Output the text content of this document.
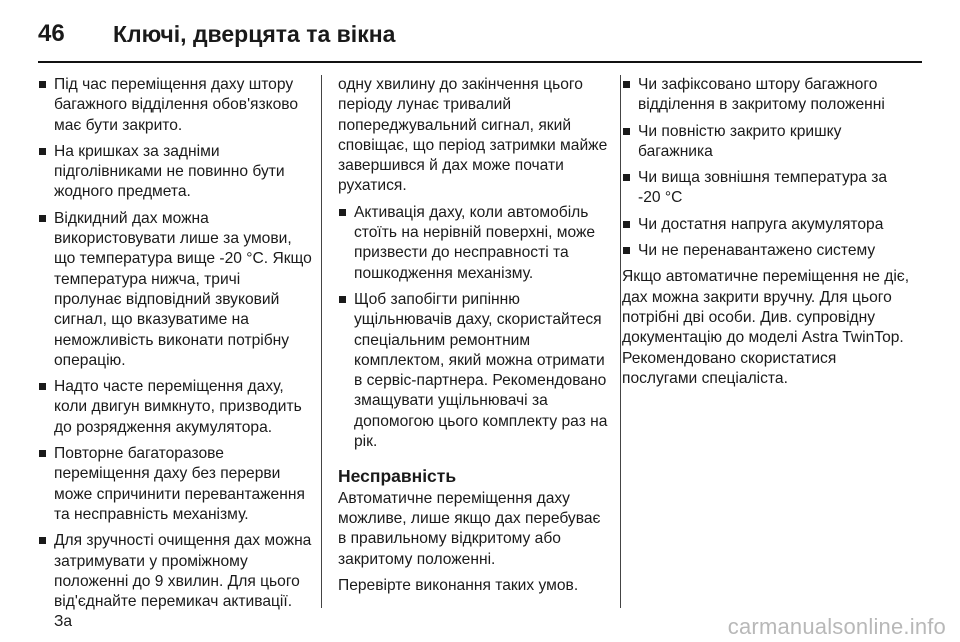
46	Ключі, дверцята та вікна
Під час переміщення даху штору багажного відділення обов'язково має бути закрито.
На кришках за задніми підголівниками не повинно бути жодного предмета.
Відкидний дах можна використовувати лише за умови, що температура вище -20 °C. Якщо температура нижча, тричі пролунає відповідний звуковий сигнал, що вказуватиме на неможливість виконати потрібну операцію.
Надто часте переміщення даху, коли двигун вимкнуто, призводить до розрядження акумулятора.
Повторне багаторазове переміщення даху без перерви може спричинити перевантаження та несправність механізму.
Для зручності очищення дах можна затримувати у проміжному положенні до 9 хвилин. Для цього від'єднайте перемикач активації. За
одну хвилину до закінчення цього періоду лунає тривалий попереджувальний сигнал, який сповіщає, що період затримки майже завершився й дах може почати рухатися.
Активація даху, коли автомобіль стоїть на нерівній поверхні, може призвести до несправності та пошкодження механізму.
Щоб запобігти рипінню ущільнювачів даху, скористайтеся спеціальним ремонтним комплектом, який можна отримати в сервіс-партнера. Рекомендовано змащувати ущільнювачі за допомогою цього комплекту раз на рік.
Несправність
Автоматичне переміщення даху можливе, лише якщо дах перебуває в правильному відкритому або закритому положенні.
Перевірте виконання таких умов.
Чи зафіксовано штору багажного відділення в закритому положенні
Чи повністю закрито кришку багажника
Чи вища зовнішня температура за -20 °C
Чи достатня напруга акумулятора
Чи не перенавантажено систему
Якщо автоматичне переміщення не діє, дах можна закрити вручну. Для цього потрібні дві особи. Див. супровідну документацію до моделі Astra TwinTop. Рекомендовано скористатися послугами спеціаліста.
carmanualsonline.info
